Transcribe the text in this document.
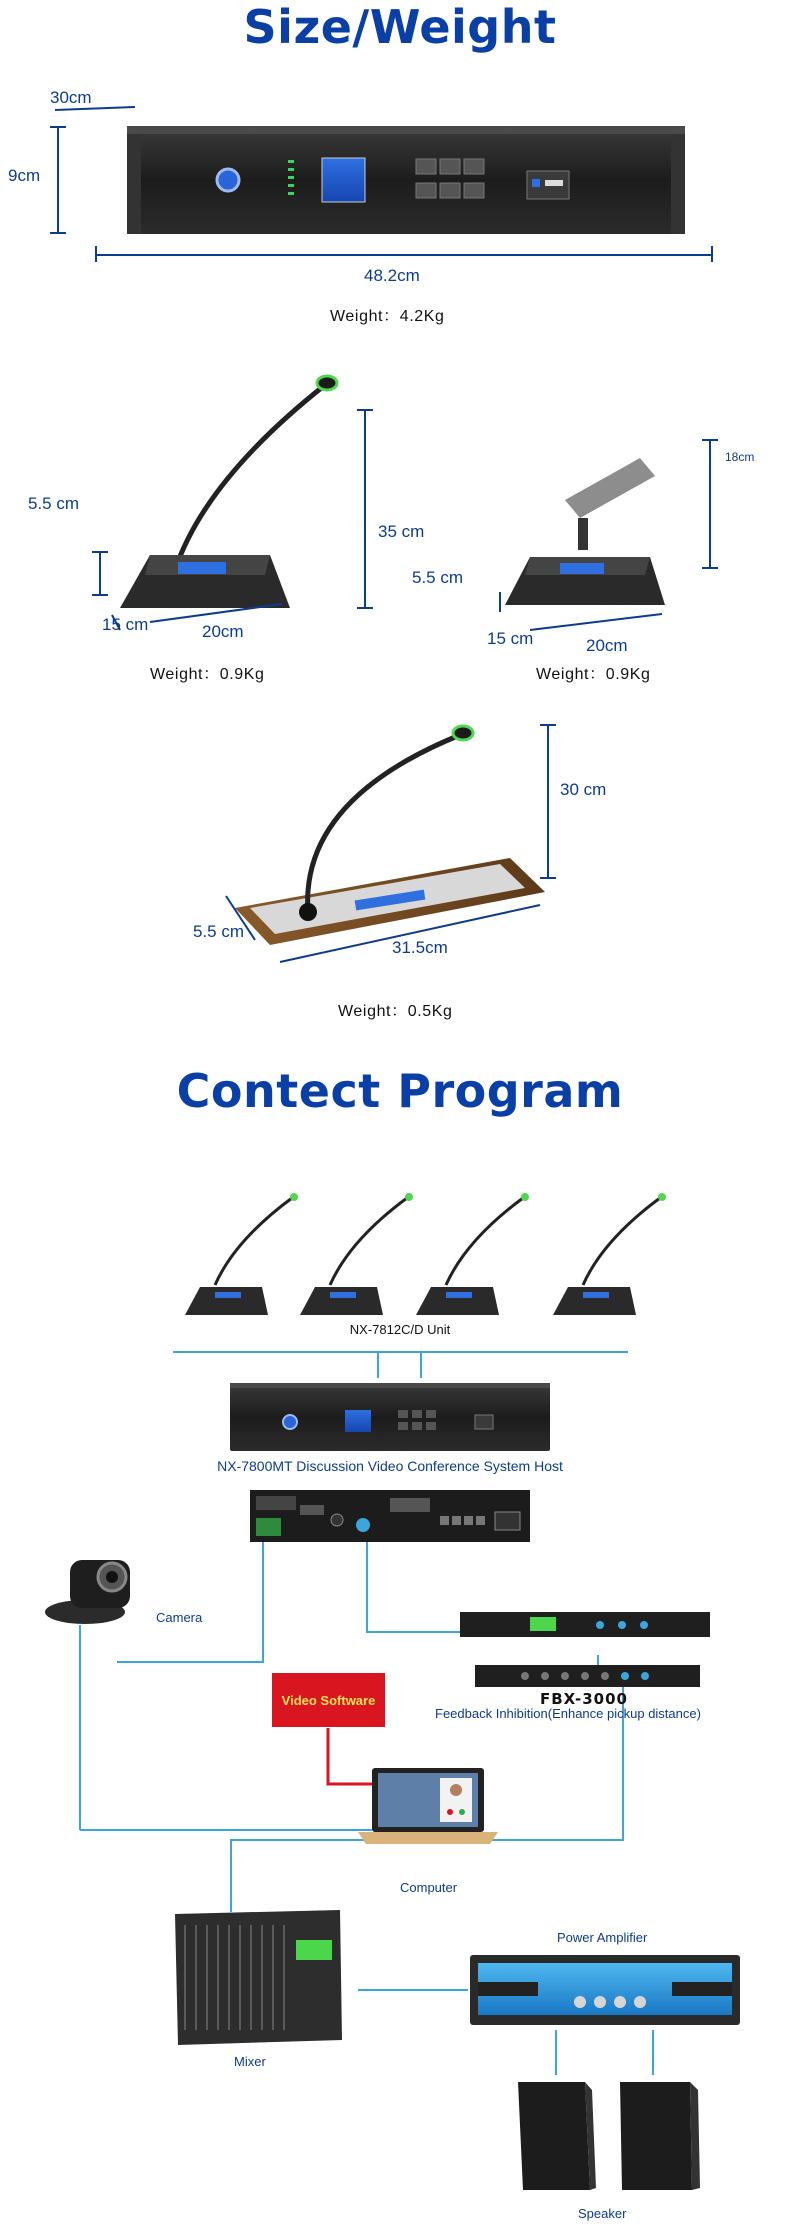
Size/Weight
30cm
9cm
48.2cm
Weight：4.2Kg
5.5 cm
35 cm
15 cm	20cm
Weight：0.9Kg
18cm
5.5 cm
15 cm	20cm
Weight：0.9Kg
30 cm
5.5 cm
31.5cm
Weight：0.5Kg
Contect Program
NX-7812C/D Unit
NX-7800MT Discussion Video Conference System Host
Camera
Video Software	FBX-3000
Feedback Inhibition(Enhance pickup distance)
Computer
Mixer
Power Amplifier
Speaker
